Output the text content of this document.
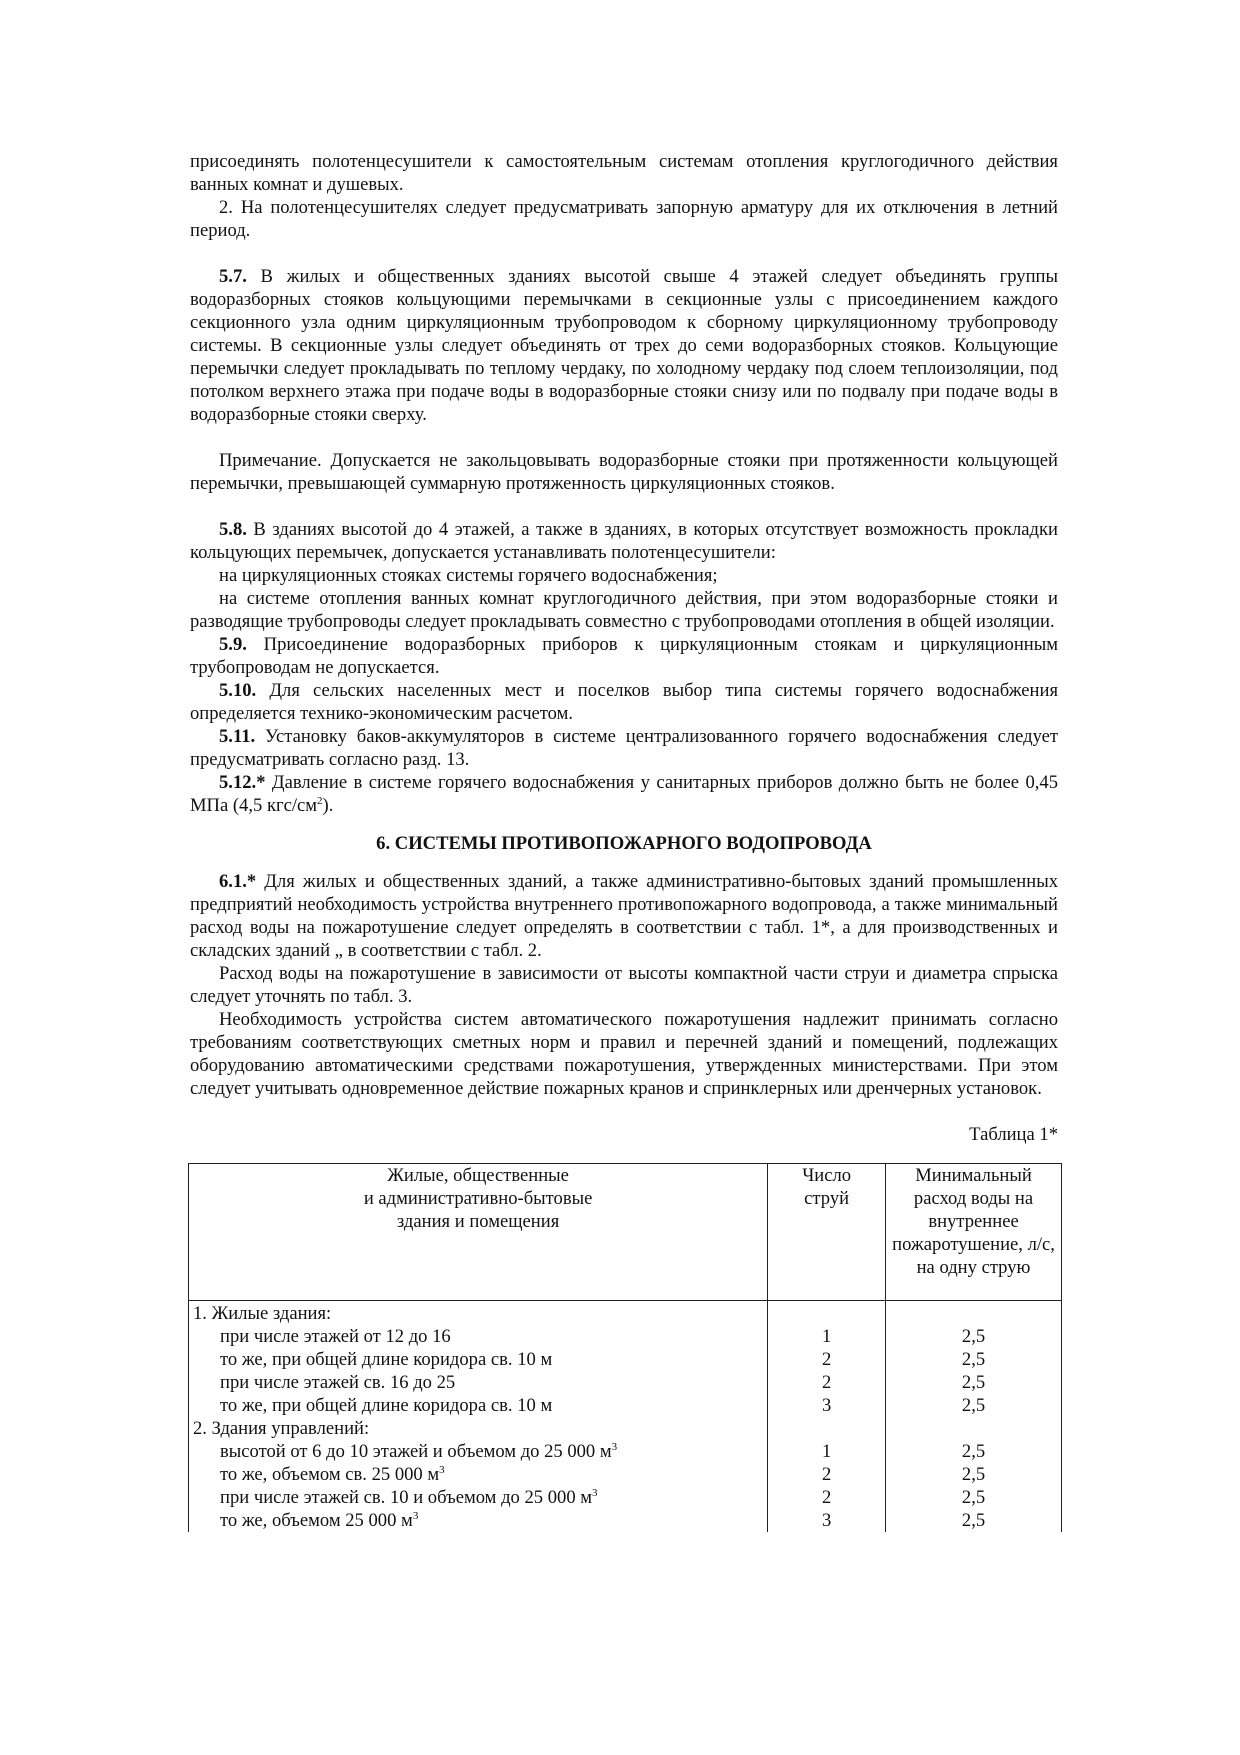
присоединять полотенцесушители к самостоятельным системам отопления круглогодичного действия ванных комнат и душевых.

2. На полотенцесушителях следует предусматривать запорную арматуру для их отключения в летний период.

5.7. В жилых и общественных зданиях высотой свыше 4 этажей следует объединять группы водоразборных стояков кольцующими перемычками в секционные узлы с присоединением каждого секционного узла одним циркуляционным трубопроводом к сборному циркуляционному трубопроводу системы. В секционные узлы следует объединять от трех до семи водоразборных стояков. Кольцующие перемычки следует прокладывать по теплому чердаку, по холодному чердаку под слоем теплоизоляции, под потолком верхнего этажа при подаче воды в водоразборные стояки снизу или по подвалу при подаче воды в водоразборные стояки сверху.

Примечание. Допускается не закольцовывать водоразборные стояки при протяженности кольцующей перемычки, превышающей суммарную протяженность циркуляционных стояков.

5.8. В зданиях высотой до 4 этажей, а также в зданиях, в которых отсутствует возможность прокладки кольцующих перемычек, допускается устанавливать полотенцесушители:

на циркуляционных стояках системы горячего водоснабжения;

на системе отопления ванных комнат круглогодичного действия, при этом водоразборные стояки и разводящие трубопроводы следует прокладывать совместно с трубопроводами отопления в общей изоляции.

5.9. Присоединение водоразборных приборов к циркуляционным стоякам и циркуляционным трубопроводам не допускается.

5.10. Для сельских населенных мест и поселков выбор типа системы горячего водоснабжения определяется технико-экономическим расчетом.

5.11. Установку баков-аккумуляторов в системе централизованного горячего водоснабжения следует предусматривать согласно разд. 13.

5.12.* Давление в системе горячего водоснабжения у санитарных приборов должно быть не более 0,45 МПа (4,5 кгс/$см^2$).

6. СИСТЕМЫ ПРОТИВОПОЖАРНОГО ВОДОПРОВОДА

6.1.* Для жилых и общественных зданий, а также административно-бытовых зданий промышленных предприятий необходимость устройства внутреннего противопожарного водопровода, а также минимальный расход воды на пожаротушение следует определять в соответствии с табл. 1*, а для производственных и складских зданий „ в соответствии с табл. 2.

Расход воды на пожаротушение в зависимости от высоты компактной части струи и диаметра спрыска следует уточнять по табл. 3.

Необходимость устройства систем автоматического пожаротушения надлежит принимать согласно требованиям соответствующих сметных норм и правил и перечней зданий и помещений, подлежащих оборудованию автоматическими средствами пожаротушения, утвержденных министерствами. При этом следует учитывать одновременное действие пожарных кранов и спринклерных или дренчерных установок.

Таблица 1*

Жилые, общественные
и административно-бытовые
здания и помещения	Число
струй	Минимальный расход воды на внутреннее пожаротушение, л/с, на одну струю
1. Жилые здания:		
при числе этажей от 12 до 16	1	2,5
то же, при общей длине коридора св. 10 м	2	2,5
при числе этажей св. 16 до 25	2	2,5
то же, при общей длине коридора св. 10 м	3	2,5
2. Здания управлений:		
высотой от 6 до 10 этажей и объемом до 25 000 $м^3$	1	2,5
то же, объемом св. 25 000 $м^3$	2	2,5
при числе этажей св. 10 и объемом до 25 000 $м^3$	2	2,5
то же, объемом 25 000 $м^3$	3	2,5
